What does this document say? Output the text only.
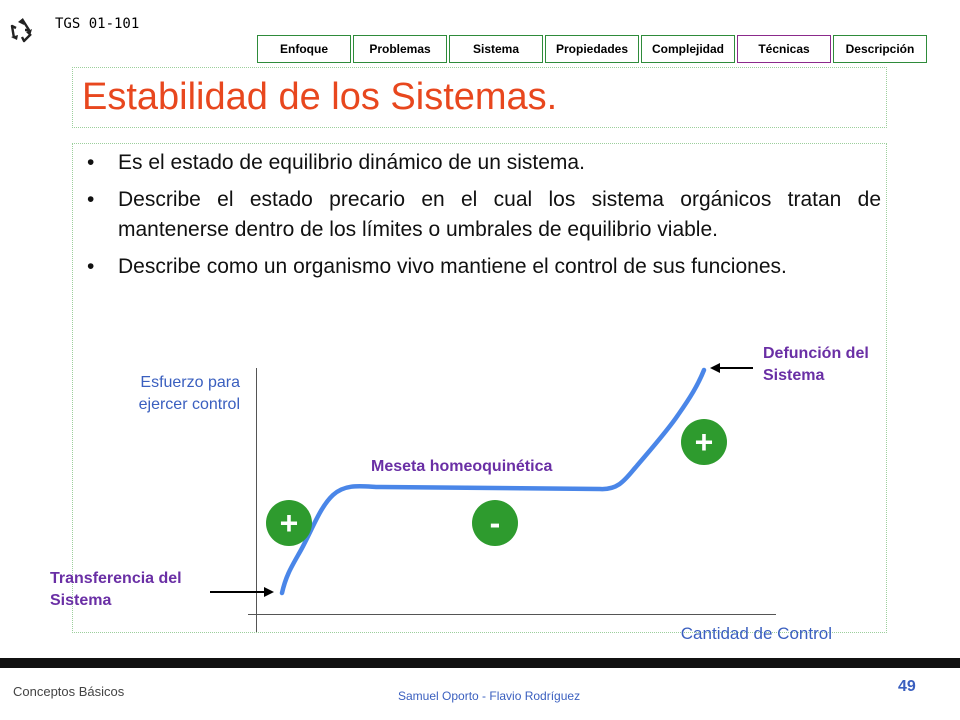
TGS 01-101
Enfoque	Problemas	Sistema	Propiedades	Complejidad	Técnicas	Descripción
Estabilidad de los Sistemas.
• Es el estado de equilibrio dinámico de un sistema.
• Describe el estado precario en el cual los sistema orgánicos tratan de mantenerse dentro de los límites o umbrales de equilibrio viable.
• Describe como un organismo vivo mantiene el control de sus funciones.
Esfuerzo para ejercer control
Cantidad de Control
Meseta homeoquinética
Defunción del Sistema
Transferencia del Sistema
+	-
+
Conceptos Básicos	Samuel Oporto - Flavio Rodríguez
49
